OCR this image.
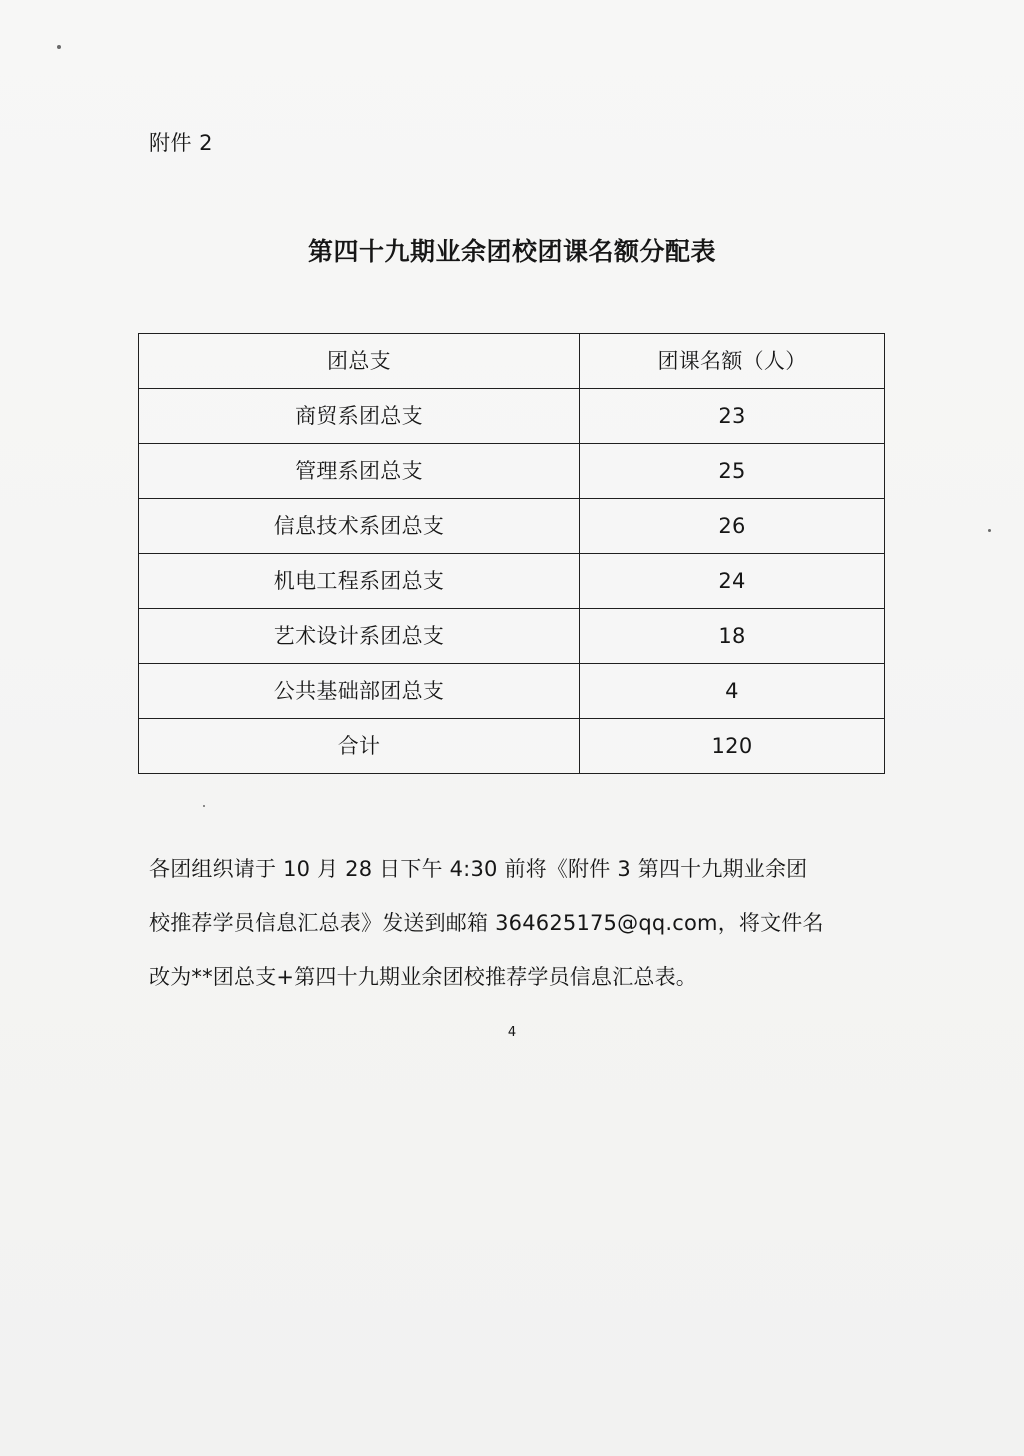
附件 2
第四十九期业余团校团课名额分配表
团总支	团课名额（人）
商贸系团总支	23
管理系团总支	25
信息技术系团总支	26
机电工程系团总支	24
艺术设计系团总支	18
公共基础部团总支	4
合计	120

各团组织请于 10 月 28 日下午 4:30 前将《附件 3 第四十九期业余团

校推荐学员信息汇总表》发送到邮箱 364625175@qq.com，将文件名

改为**团总支+第四十九期业余团校推荐学员信息汇总表。

4
